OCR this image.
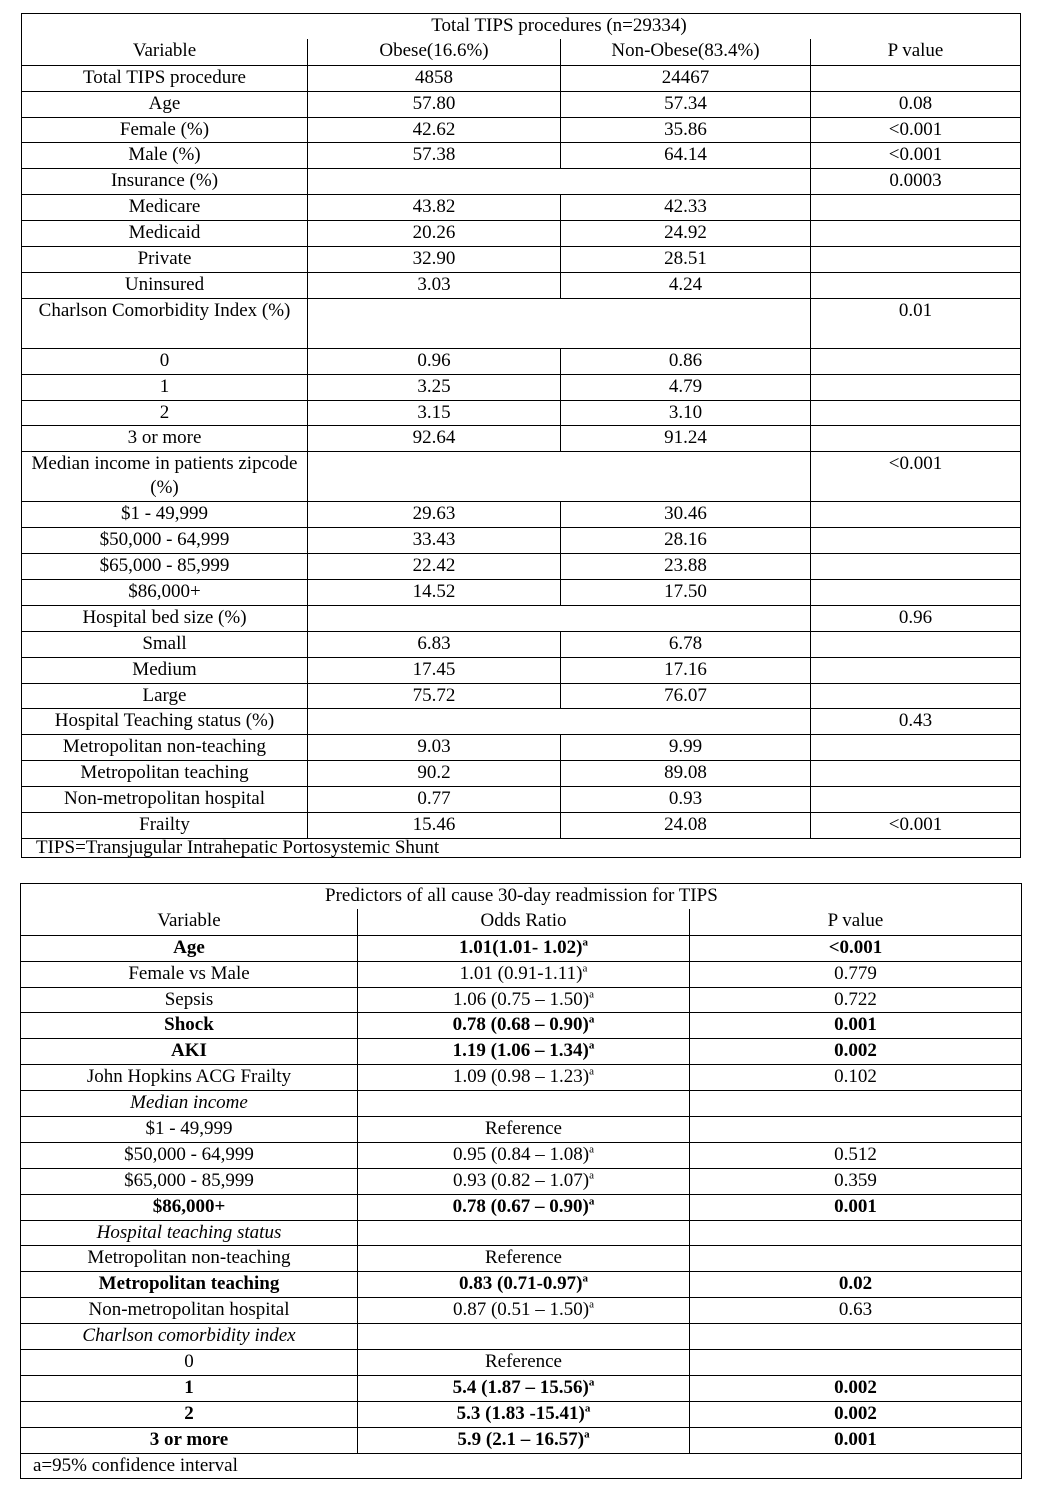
	Total TIPS procedures (n=29334)		
Variable	Obese(16.6%)	Non-Obese(83.4%)	P value
Total TIPS procedure	4858	24467	
Age	57.80	57.34	0.08
Female (%)	42.62	35.86	<0.001
Male (%)	57.38	64.14	<0.001
Insurance (%)			0.0003
Medicare	43.82	42.33	
Medicaid	20.26	24.92	
Private	32.90	28.51	
Uninsured	3.03	4.24	
Charlson Comorbidity Index (%)			0.01
0	0.96	0.86	
1	3.25	4.79	
2	3.15	3.10	
3 or more	92.64	91.24	
Median income in patients zipcode (%)			<0.001
$1 - 49,999	29.63	30.46	
$50,000 - 64,999	33.43	28.16	
$65,000 - 85,999	22.42	23.88	
$86,000+	14.52	17.50	
Hospital bed size (%)			0.96
Small	6.83	6.78	
Medium	17.45	17.16	
Large	75.72	76.07	
Hospital Teaching status (%)			0.43
Metropolitan non-teaching	9.03	9.99	
Metropolitan teaching	90.2	89.08	
Non-metropolitan hospital	0.77	0.93	
Frailty	15.46	24.08	<0.001
TIPS=Transjugular Intrahepatic Portosystemic Shunt			
	Predictors of all cause 30-day readmission for TIPS	
Variable	Odds Ratio	P value
Age	1.01(1.01- 1.02)$^a$	<0.001
Female vs Male	1.01 $(0.91-1.11)^a$	0.779
Sepsis	1.06 (0.75 – 1.50)$^a$	0.722
Shock	0.78 (0.68 – 0.90)$^a$	0.001
AKI	1.19 (1.06 – 1.34)$^a$	0.002
John Hopkins ACG Frailty	1.09 (0.98 – 1.23)$^a$	0.102
Median income		
$1 - 49,999	Reference	
$50,000 - 64,999	0.95 (0.84 – 1.08)$^a$	0.512
$65,000 - 85,999	0.93 (0.82 – 1.07)$^a$	0.359
$86,000+	0.78 (0.67 – 0.90)$^a$	0.001
Hospital teaching status		
Metropolitan non-teaching	Reference	
Metropolitan teaching	0.83 $(0.71-0.97)^a$	0.02
Non-metropolitan hospital	0.87 (0.51 – 1.50)$^a$	0.63
Charlson comorbidity index		
0	Reference	
1	5.4 (1.87 – 15.56)$^a$	0.002
2	5.3 (1.83 -15.41)$^a$	0.002
3 or more	5.9 (2.1 – 16.57)$^a$	0.001
a=95% confidence interval		
